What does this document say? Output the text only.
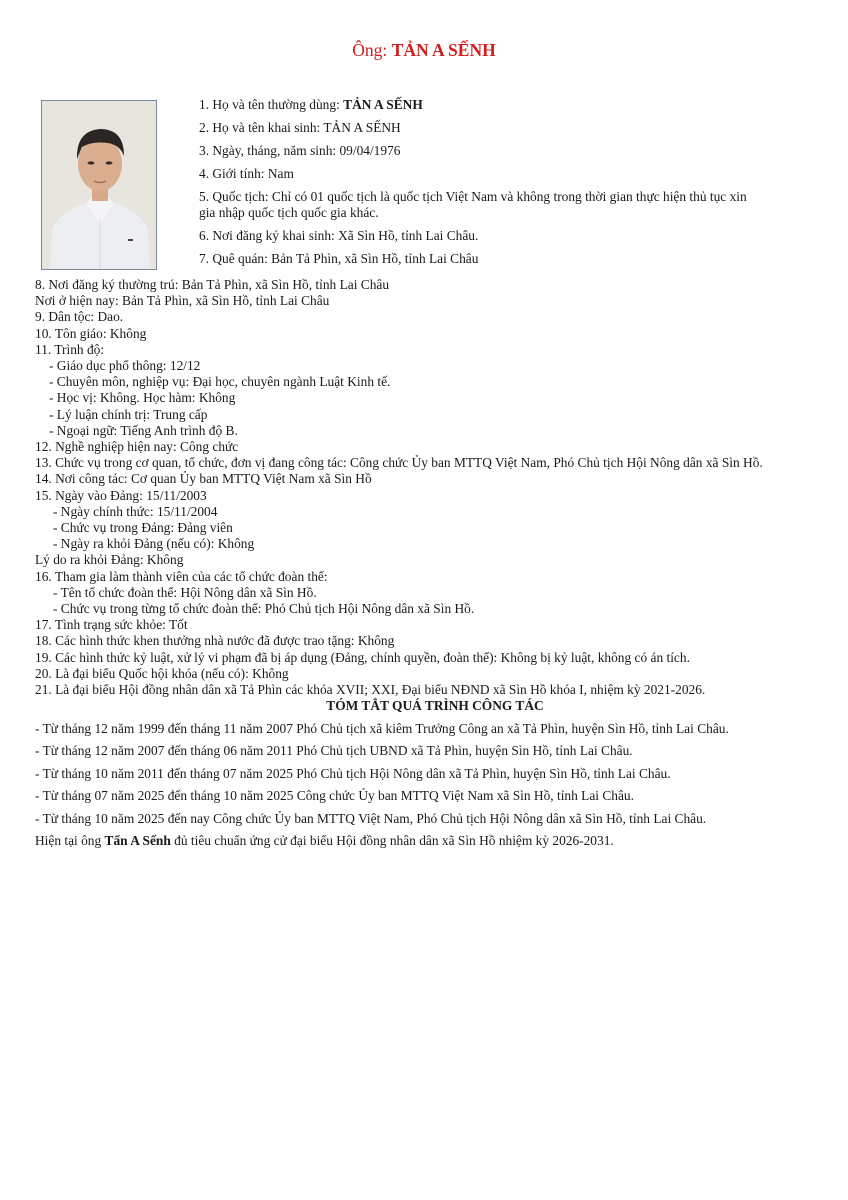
Ông: TẢN A SẾNH
1. Họ và tên thường dùng: TẢN A SẾNH
2. Họ và tên khai sinh: TẢN A SẾNH
3. Ngày, tháng, năm sinh: 09/04/1976
4. Giới tính: Nam
5. Quốc tịch: Chỉ có 01 quốc tịch là quốc tịch Việt Nam và không trong thời gian thực hiện thủ tục xin gia nhập quốc tịch quốc gia khác.
6. Nơi đăng ký khai sinh: Xã Sìn Hồ, tỉnh Lai Châu.
7. Quê quán: Bản Tả Phìn, xã Sìn Hồ, tỉnh Lai Châu
8. Nơi đăng ký thường trú: Bản Tả Phìn, xã Sìn Hồ, tỉnh Lai Châu
Nơi ở hiện nay: Bản Tả Phìn, xã Sìn Hồ, tỉnh Lai Châu
9. Dân tộc: Dao.
10. Tôn giáo: Không
11. Trình độ:
- Giáo dục phổ thông: 12/12
- Chuyên môn, nghiệp vụ: Đại học, chuyên ngành Luật Kinh tế.
- Học vị: Không. Học hàm: Không
- Lý luận chính trị: Trung cấp
- Ngoại ngữ: Tiếng Anh trình độ B.
12. Nghề nghiệp hiện nay: Công chức
13. Chức vụ trong cơ quan, tổ chức, đơn vị đang công tác: Công chức Ủy ban MTTQ Việt Nam, Phó Chủ tịch Hội Nông dân xã Sìn Hồ.
14. Nơi công tác: Cơ quan Ủy ban MTTQ Việt Nam xã Sìn Hồ
15. Ngày vào Đảng: 15/11/2003
- Ngày chính thức: 15/11/2004
- Chức vụ trong Đảng: Đảng viên
- Ngày ra khỏi Đảng (nếu có): Không
Lý do ra khỏi Đảng: Không
16. Tham gia làm thành viên của các tổ chức đoàn thể:
- Tên tổ chức đoàn thể: Hội Nông dân xã Sìn Hồ.
- Chức vụ trong từng tổ chức đoàn thể: Phó Chủ tịch Hội Nông dân xã Sìn Hồ.
17. Tình trạng sức khỏe: Tốt
18. Các hình thức khen thưởng nhà nước đã được trao tặng: Không
19. Các hình thức kỷ luật, xử lý vi phạm đã bị áp dụng (Đảng, chính quyền, đoàn thể): Không bị kỷ luật, không có án tích.
20. Là đại biểu Quốc hội khóa (nếu có): Không
21. Là đại biểu Hội đồng nhân dân xã Tả Phìn các khóa XVII; XXI, Đại biểu NĐND xã Sìn Hồ khóa I, nhiệm kỳ 2021-2026.
TÓM TẮT QUÁ TRÌNH CÔNG TÁC
- Từ tháng 12 năm 1999 đến tháng 11 năm 2007 Phó Chủ tịch xã kiêm Trưởng Công an xã Tả Phìn, huyện Sìn Hồ, tỉnh Lai Châu.
- Từ tháng 12 năm 2007 đến tháng 06 năm 2011 Phó Chủ tịch UBND xã Tả Phìn, huyện Sìn Hồ, tỉnh Lai Châu.
- Từ tháng 10 năm 2011 đến tháng 07 năm 2025 Phó Chủ tịch Hội Nông dân xã Tả Phìn, huyện Sìn Hồ, tỉnh Lai Châu.
- Từ tháng 07 năm 2025 đến tháng 10 năm 2025 Công chức Ủy ban MTTQ Việt Nam xã Sìn Hồ, tỉnh Lai Châu.
- Từ tháng 10 năm 2025 đến nay Công chức Ủy ban MTTQ Việt Nam, Phó Chủ tịch Hội Nông dân xã Sìn Hồ, tỉnh Lai Châu.
Hiện tại ông Tẩn A Sếnh đủ tiêu chuẩn ứng cử đại biểu Hội đồng nhân dân xã Sìn Hồ nhiệm kỳ 2026-2031.
